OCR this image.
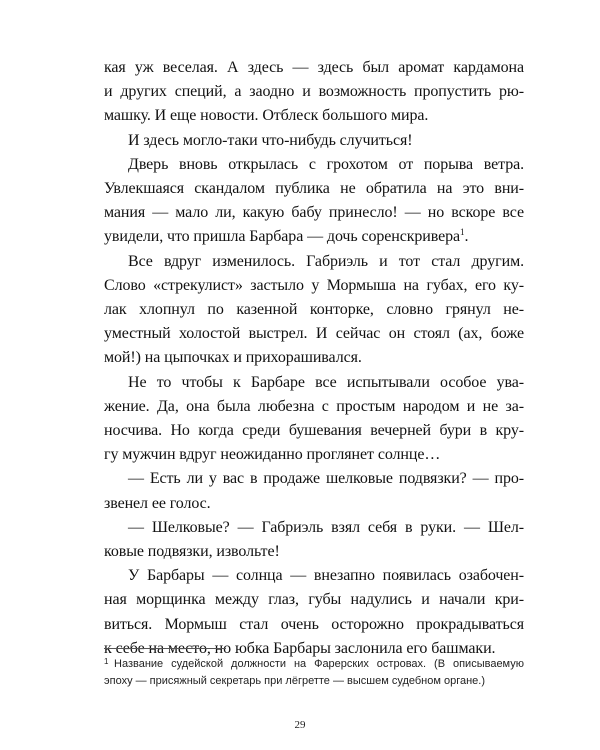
кая уж веселая. А здесь — здесь был аромат кардамона
и других специй, а заодно и возможность пропустить рю-
машку. И еще новости. Отблеск большого мира.
И здесь могло-таки что-нибудь случиться!
Дверь вновь открылась с грохотом от порыва ветра.
Увлекшаяся скандалом публика не обратила на это вни-
мания — мало ли, какую бабу принесло! — но вскоре все
увидели, что пришла Барбара — дочь соренскривера$^1$.
Все вдруг изменилось. Габриэль и тот стал другим.
Слово «стрекулист» застыло у Мормыша на губах, его ку-
лак хлопнул по казенной конторке, словно грянул не-
уместный холостой выстрел. И сейчас он стоял (ах, боже
мой!) на цыпочках и прихорашивался.
Не то чтобы к Барбаре все испытывали особое ува-
жение. Да, она была любезна с простым народом и не за-
носчива. Но когда среди бушевания вечерней бури в кру-
гу мужчин вдруг неожиданно проглянет солнце…
— Есть ли у вас в продаже шелковые подвязки? — про-
звенел ее голос.
— Шелковые? — Габриэль взял себя в руки. — Шел-
ковые подвязки, извольте!
У Барбары — солнца — внезапно появилась озабочен-
ная морщинка между глаз, губы надулись и начали кри-
виться. Мормыш стал очень осторожно прокрадываться
к себе на место, но юбка Барбары заслонила его башмаки.
1 Название судейской должности на Фарерских островах. (В описываемую
эпоху — присяжный секретарь при лёгретте — высшем судебном органе.)
29
